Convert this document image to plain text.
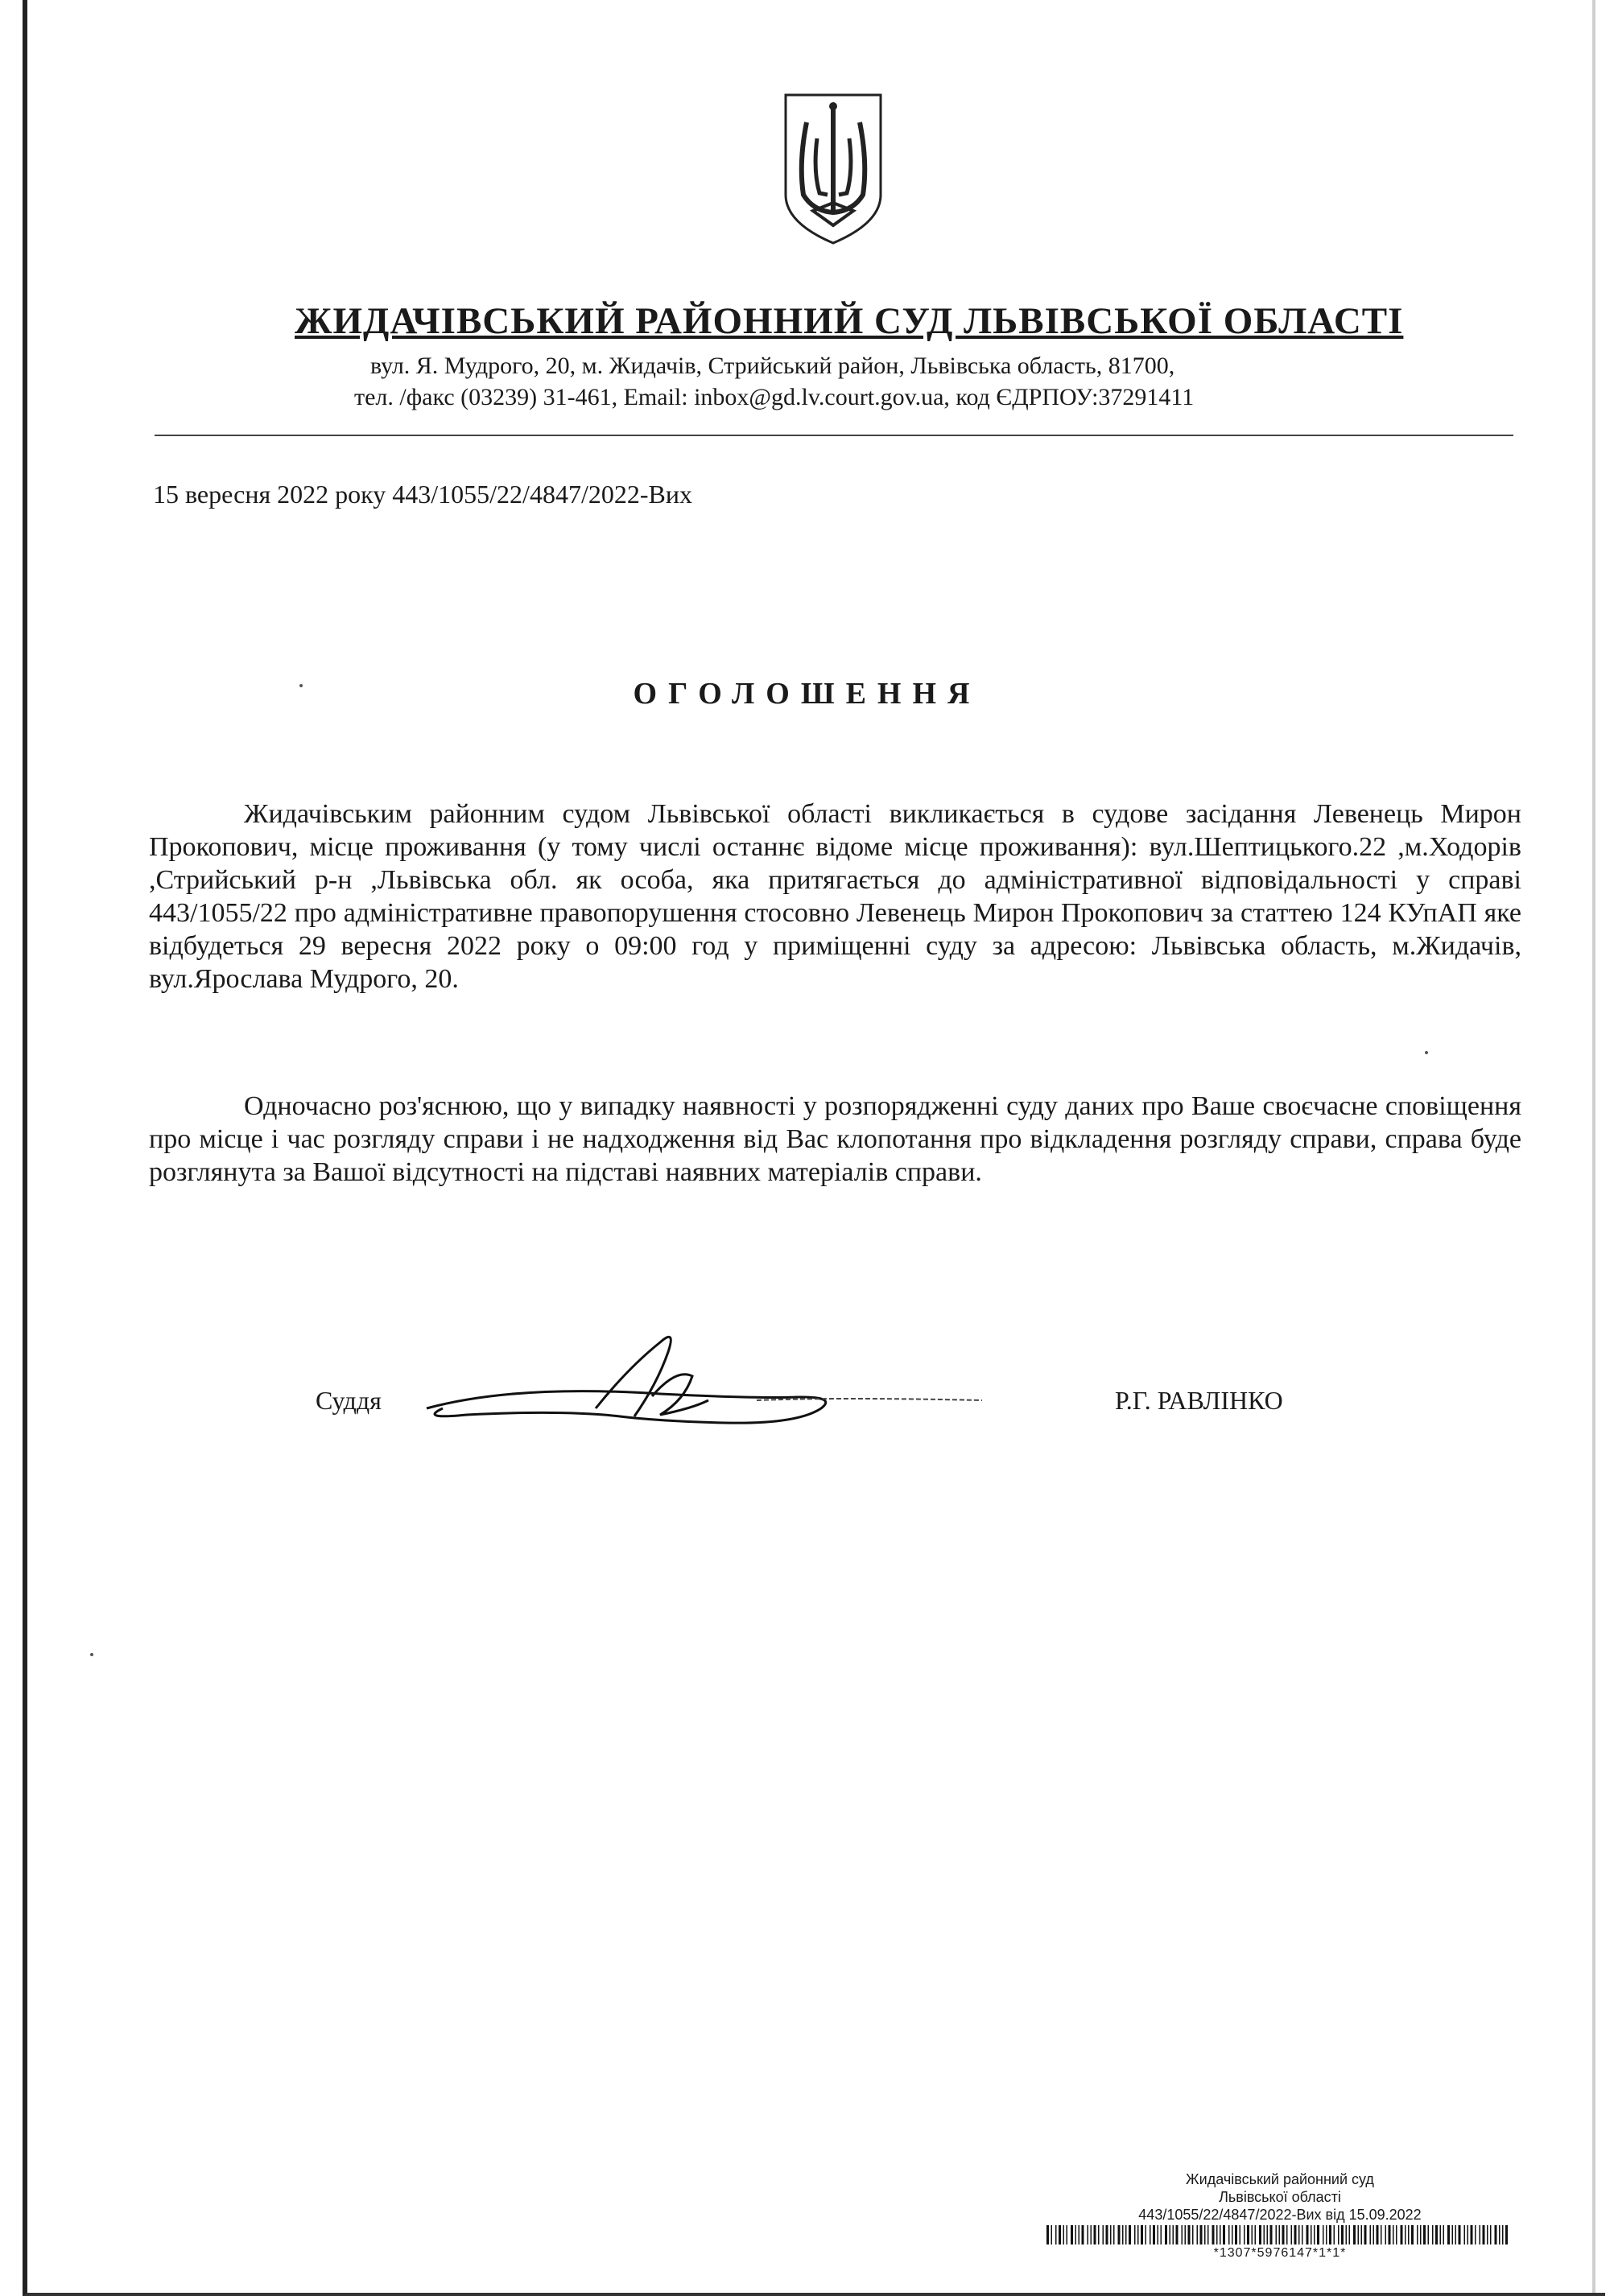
ЖИДАЧІВСЬКИЙ РАЙОННИЙ СУД ЛЬВІВСЬКОЇ ОБЛАСТІ
вул. Я. Мудрого, 20, м. Жидачів, Стрийський район, Львівська область, 81700,
тел. /факс (03239) 31-461, Email: inbox@gd.lv.court.gov.ua, код ЄДРПОУ:37291411
15 вересня 2022 року 443/1055/22/4847/2022-Вих
ОГОЛОШЕННЯ
Жидачівським районним судом Львівської області викликається в судове засідання Левенець Мирон Прокопович, місце проживання (у тому числі останнє відоме місце проживання): вул.Шептицького.22 ,м.Ходорів ,Стрийський р-н ,Львівська обл. як особа, яка притягається до адміністративної відповідальності у справі 443/1055/22 про адміністративне правопорушення стосовно Левенець Мирон Прокопович за статтею 124 КУпАП яке відбудеться 29 вересня 2022 року о 09:00 год у приміщенні суду за адресою: Львівська область, м.Жидачів, вул.Ярослава Мудрого, 20.
Одночасно роз'яснюю, що у випадку наявності у розпорядженні суду даних про Ваше своєчасне сповіщення про місце і час розгляду справи і не надходження від Вас клопотання про відкладення розгляду справи, справа буде розглянута за Вашої відсутності на підставі наявних матеріалів справи.
Суддя	Р.Г. РАВЛІНКО
Жидачівський районний суд
Львівської області
443/1055/22/4847/2022-Вих від 15.09.2022
*1307*5976147*1*1*
